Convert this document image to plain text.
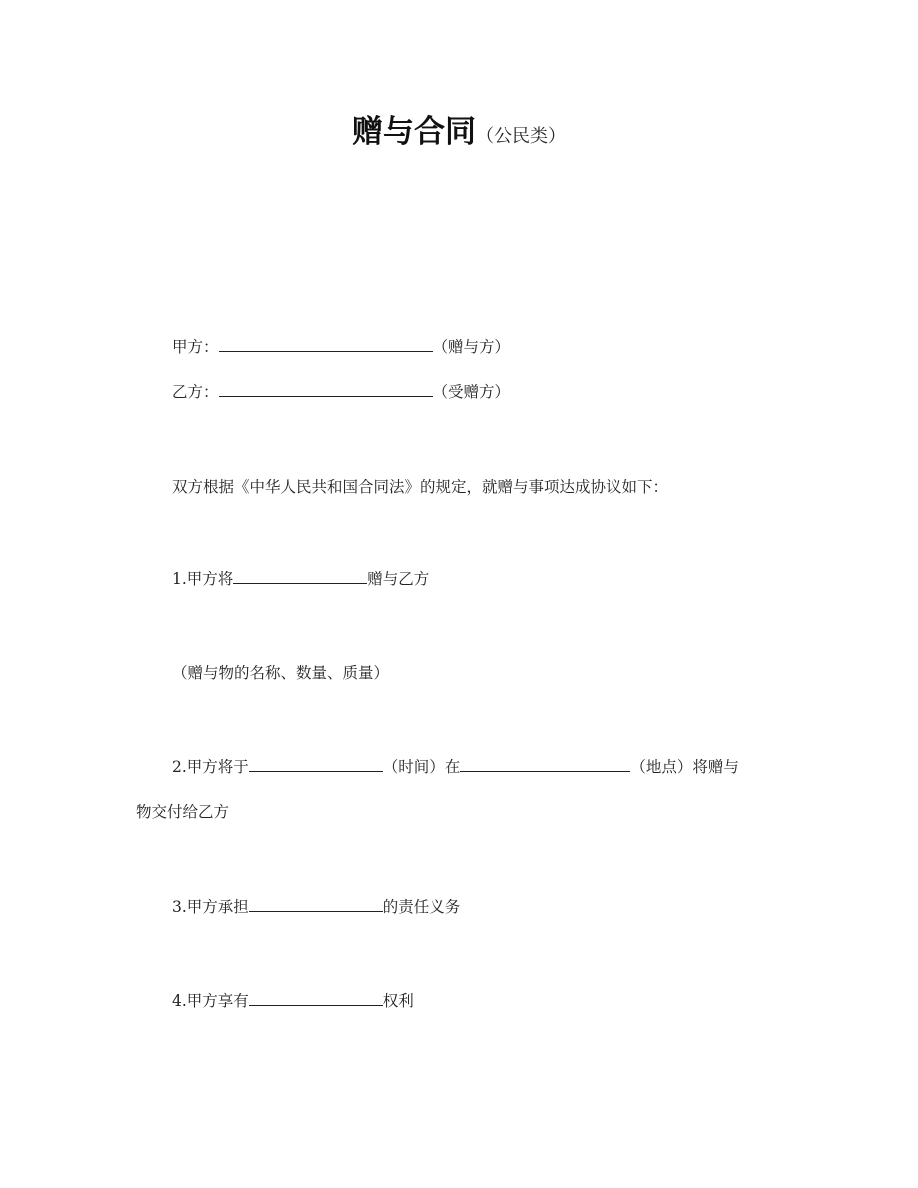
赠与合同（公民类）
甲方：	（赠与方）
乙方：	（受赠方）
双方根据《中华人民共和国合同法》的规定，就赠与事项达成协议如下：
1.甲方将	赠与乙方
（赠与物的名称、数量、质量）
2.甲方将于	（时间）在	（地点）将赠与
物交付给乙方
3.甲方承担	的责任义务
4.甲方享有	权利
